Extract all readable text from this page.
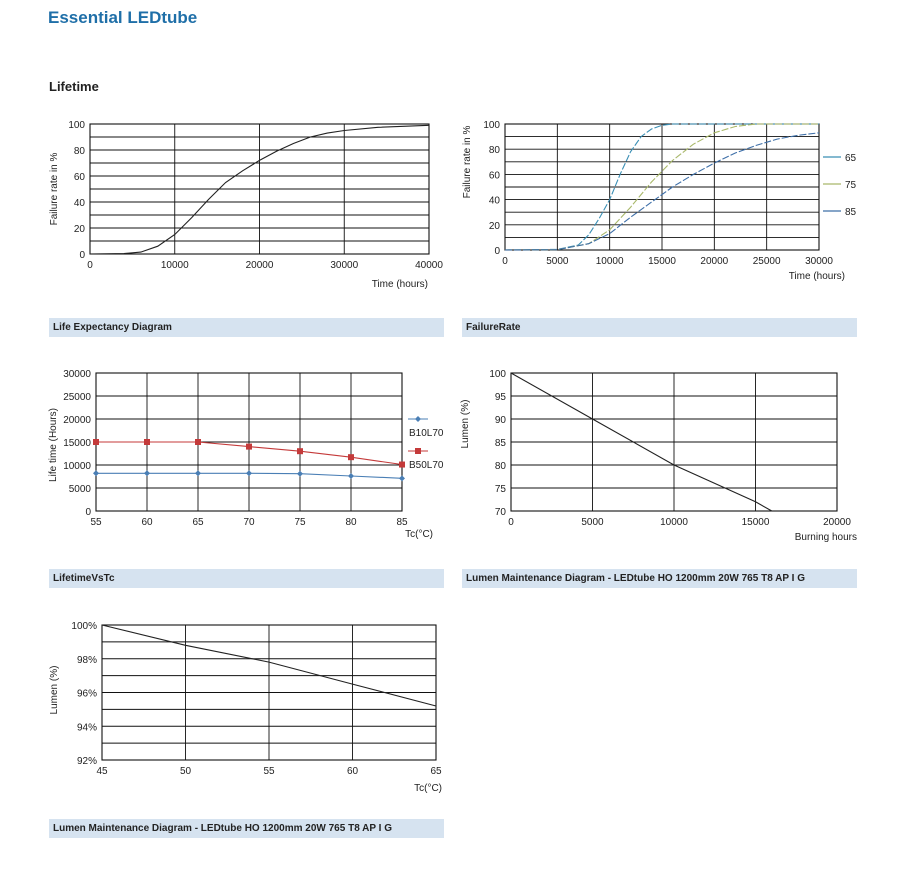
Essential LEDtube
Lifetime
Life Expectancy Diagram	FailureRate
LifetimeVsTc	Lumen Maintenance Diagram - LEDtube HO 1200mm 20W 765 T8 AP I G
Lumen Maintenance Diagram - LEDtube HO 1200mm 20W 765 T8 AP I G
0	10000	20000	30000	40000
0
20
40
60
80
100
Time (hours)
Failure rate in %
0	5000	10000 15000 20000 25000 30000
0
20
40
60
80
100
Time (hours)
Failure rate in %	65
75
85
55	60	65	70	75	80	85
0
5000
10000
15000
20000
25000
30000
Tc(°C)
Life time (Hours)	B10L70
B50L70
0	5000	10000	15000	20000
70
75
80
85
90
95
100
Burning hours
Lumen (%)
45	50	55	60	65
92%
94%
96%
98%
100%
Tc(°C)
Lumen (%)
